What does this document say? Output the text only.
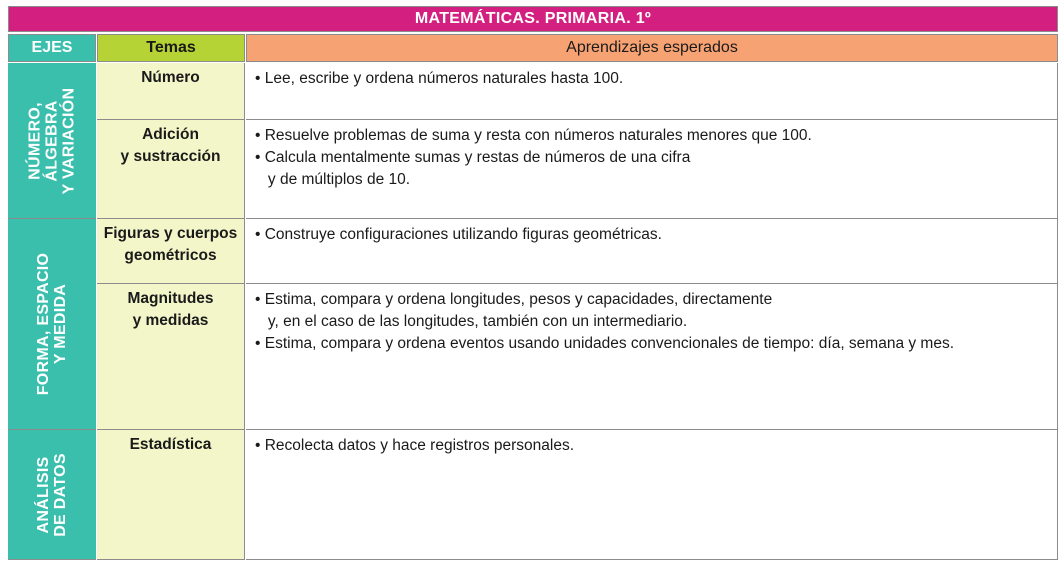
MATEMÁTICAS. PRIMARIA. 1º
EJES	Temas	Aprendizajes esperados
NÚMERO,
ÁLGEBRA
Y VARIACIÓN
FORMA, ESPACIO
Y MEDIDA
ANÁLISIS
DE DATOS
Número
Adición
y sustracción
Figuras y cuerpos
geométricos
Magnitudes
y medidas
Estadística
• Lee, escribe y ordena números naturales hasta 100.
• Resuelve problemas de suma y resta con números naturales menores que 100.
• Calcula mentalmente sumas y restas de números de una cifra
y de múltiplos de 10.
• Construye configuraciones utilizando figuras geométricas.
• Estima, compara y ordena longitudes, pesos y capacidades, directamente
y, en el caso de las longitudes, también con un intermediario.
• Estima, compara y ordena eventos usando unidades convencionales de tiempo: día, semana y mes.
• Recolecta datos y hace registros personales.
